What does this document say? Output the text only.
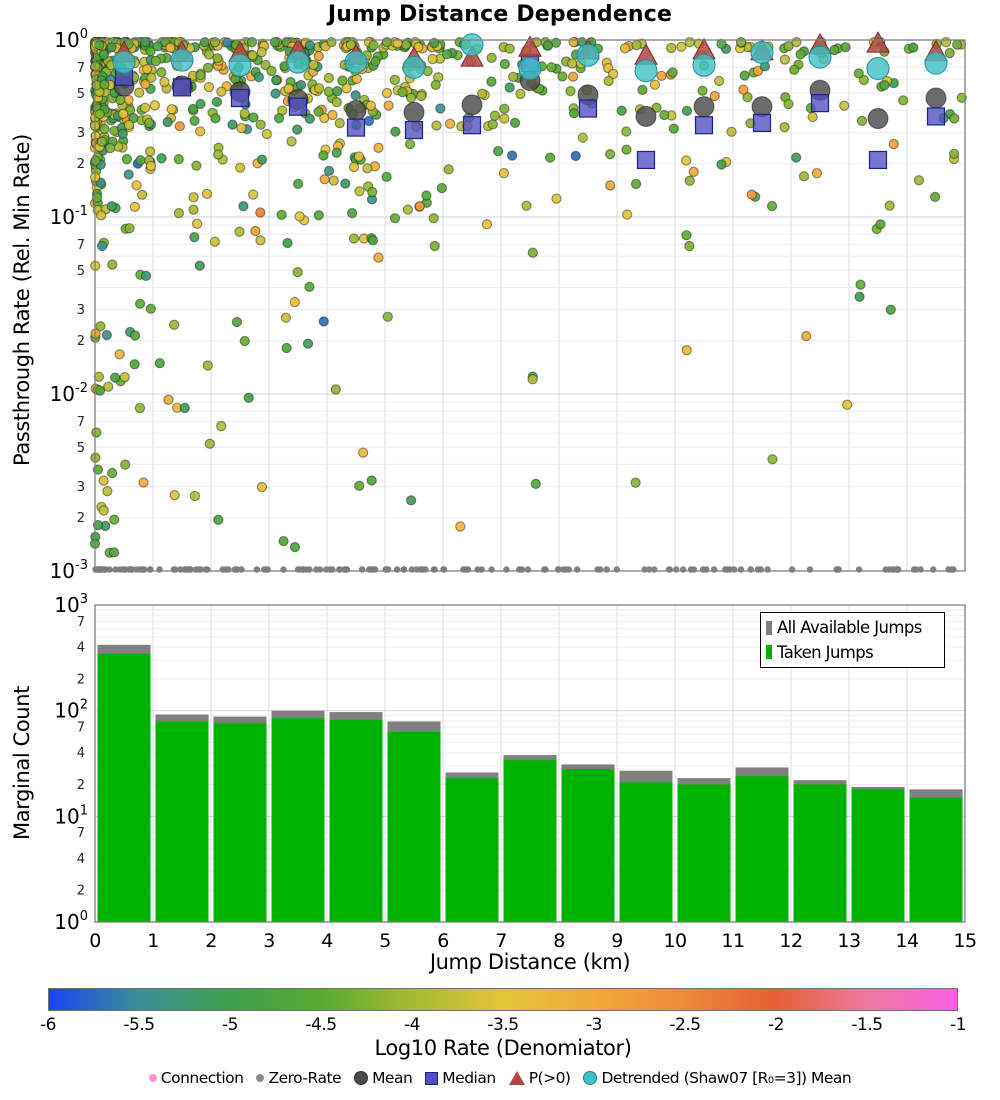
$10^0$
$10^{-1}$
$10^{-2}$
$10^{-3}$
7
5
3
2
7
5
3
2
7
5
3
2
$10^3$
$10^2$
$10^1$
$10^0$
7
4
2
7
4
2
7
4
2
0 1 2 3 4 5 6 7 8 9 10 11 12 13 14 15
Jump Distance Dependence
Passthrough Rate (Rel. Min Rate)
Marginal Count
Jump Distance (km)
All Available Jumps
Taken Jumps
-6	-5.5	-5	-4.5	-4	-3.5	-3	-2.5	-2	-1.5	-1
Log10 Rate (Denomiator)
Connection Zero-Rate Mean Median P(>0) Detrended (Shaw07 [R₀=3]) Mean
